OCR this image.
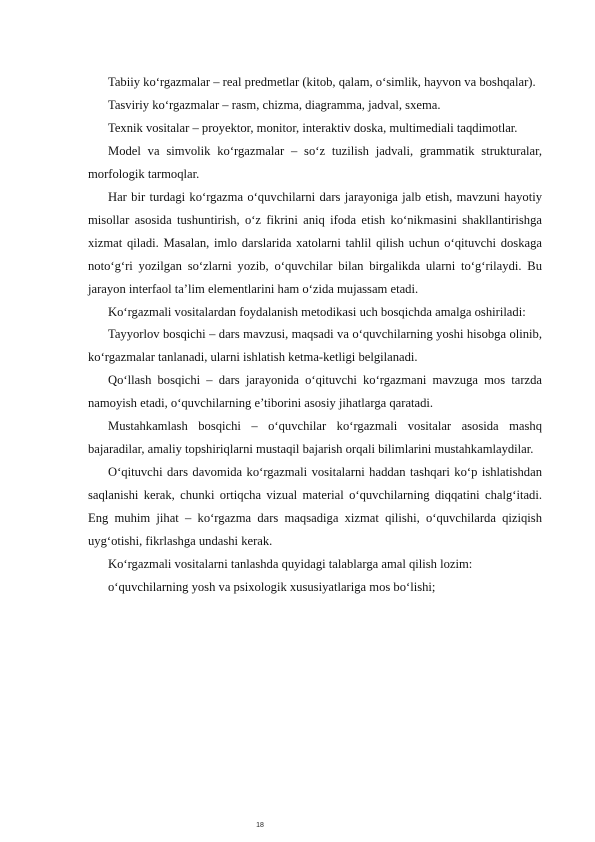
Tabiiy ko‘rgazmalar – real predmetlar (kitob, qalam, o‘simlik, hayvon va boshqalar).

Tasviriy ko‘rgazmalar – rasm, chizma, diagramma, jadval, sxema.

Texnik vositalar – proyektor, monitor, interaktiv doska, multimediali taqdimotlar.

Model va simvolik ko‘rgazmalar – so‘z tuzilish jadvali, grammatik strukturalar, morfologik tarmoqlar.

Har bir turdagi ko‘rgazma o‘quvchilarni dars jarayoniga jalb etish, mavzuni hayotiy misollar asosida tushuntirish, o‘z fikrini aniq ifoda etish ko‘nikmasini shakllantirishga xizmat qiladi. Masalan, imlo darslarida xatolarni tahlil qilish uchun o‘qituvchi doskaga noto‘g‘ri yozilgan so‘zlarni yozib, o‘quvchilar bilan birgalikda ularni to‘g‘rilaydi. Bu jarayon interfaol ta’lim elementlarini ham o‘zida mujassam etadi.

Ko‘rgazmali vositalardan foydalanish metodikasi uch bosqichda amalga oshiriladi:

Tayyorlov bosqichi – dars mavzusi, maqsadi va o‘quvchilarning yoshi hisobga olinib, ko‘rgazmalar tanlanadi, ularni ishlatish ketma-ketligi belgilanadi.

Qo‘llash bosqichi – dars jarayonida o‘qituvchi ko‘rgazmani mavzuga mos tarzda namoyish etadi, o‘quvchilarning e’tiborini asosiy jihatlarga qaratadi.

Mustahkamlash bosqichi – o‘quvchilar ko‘rgazmali vositalar asosida mashq bajaradilar, amaliy topshiriqlarni mustaqil bajarish orqali bilimlarini mustahkamlaydilar.

O‘qituvchi dars davomida ko‘rgazmali vositalarni haddan tashqari ko‘p ishlatishdan saqlanishi kerak, chunki ortiqcha vizual material o‘quvchilarning diqqatini chalg‘itadi. Eng muhim jihat – ko‘rgazma dars maqsadiga xizmat qilishi, o‘quvchilarda qiziqish uyg‘otishi, fikrlashga undashi kerak.

Ko‘rgazmali vositalarni tanlashda quyidagi talablarga amal qilish lozim:

o‘quvchilarning yosh va psixologik xususiyatlariga mos bo‘lishi;

18
